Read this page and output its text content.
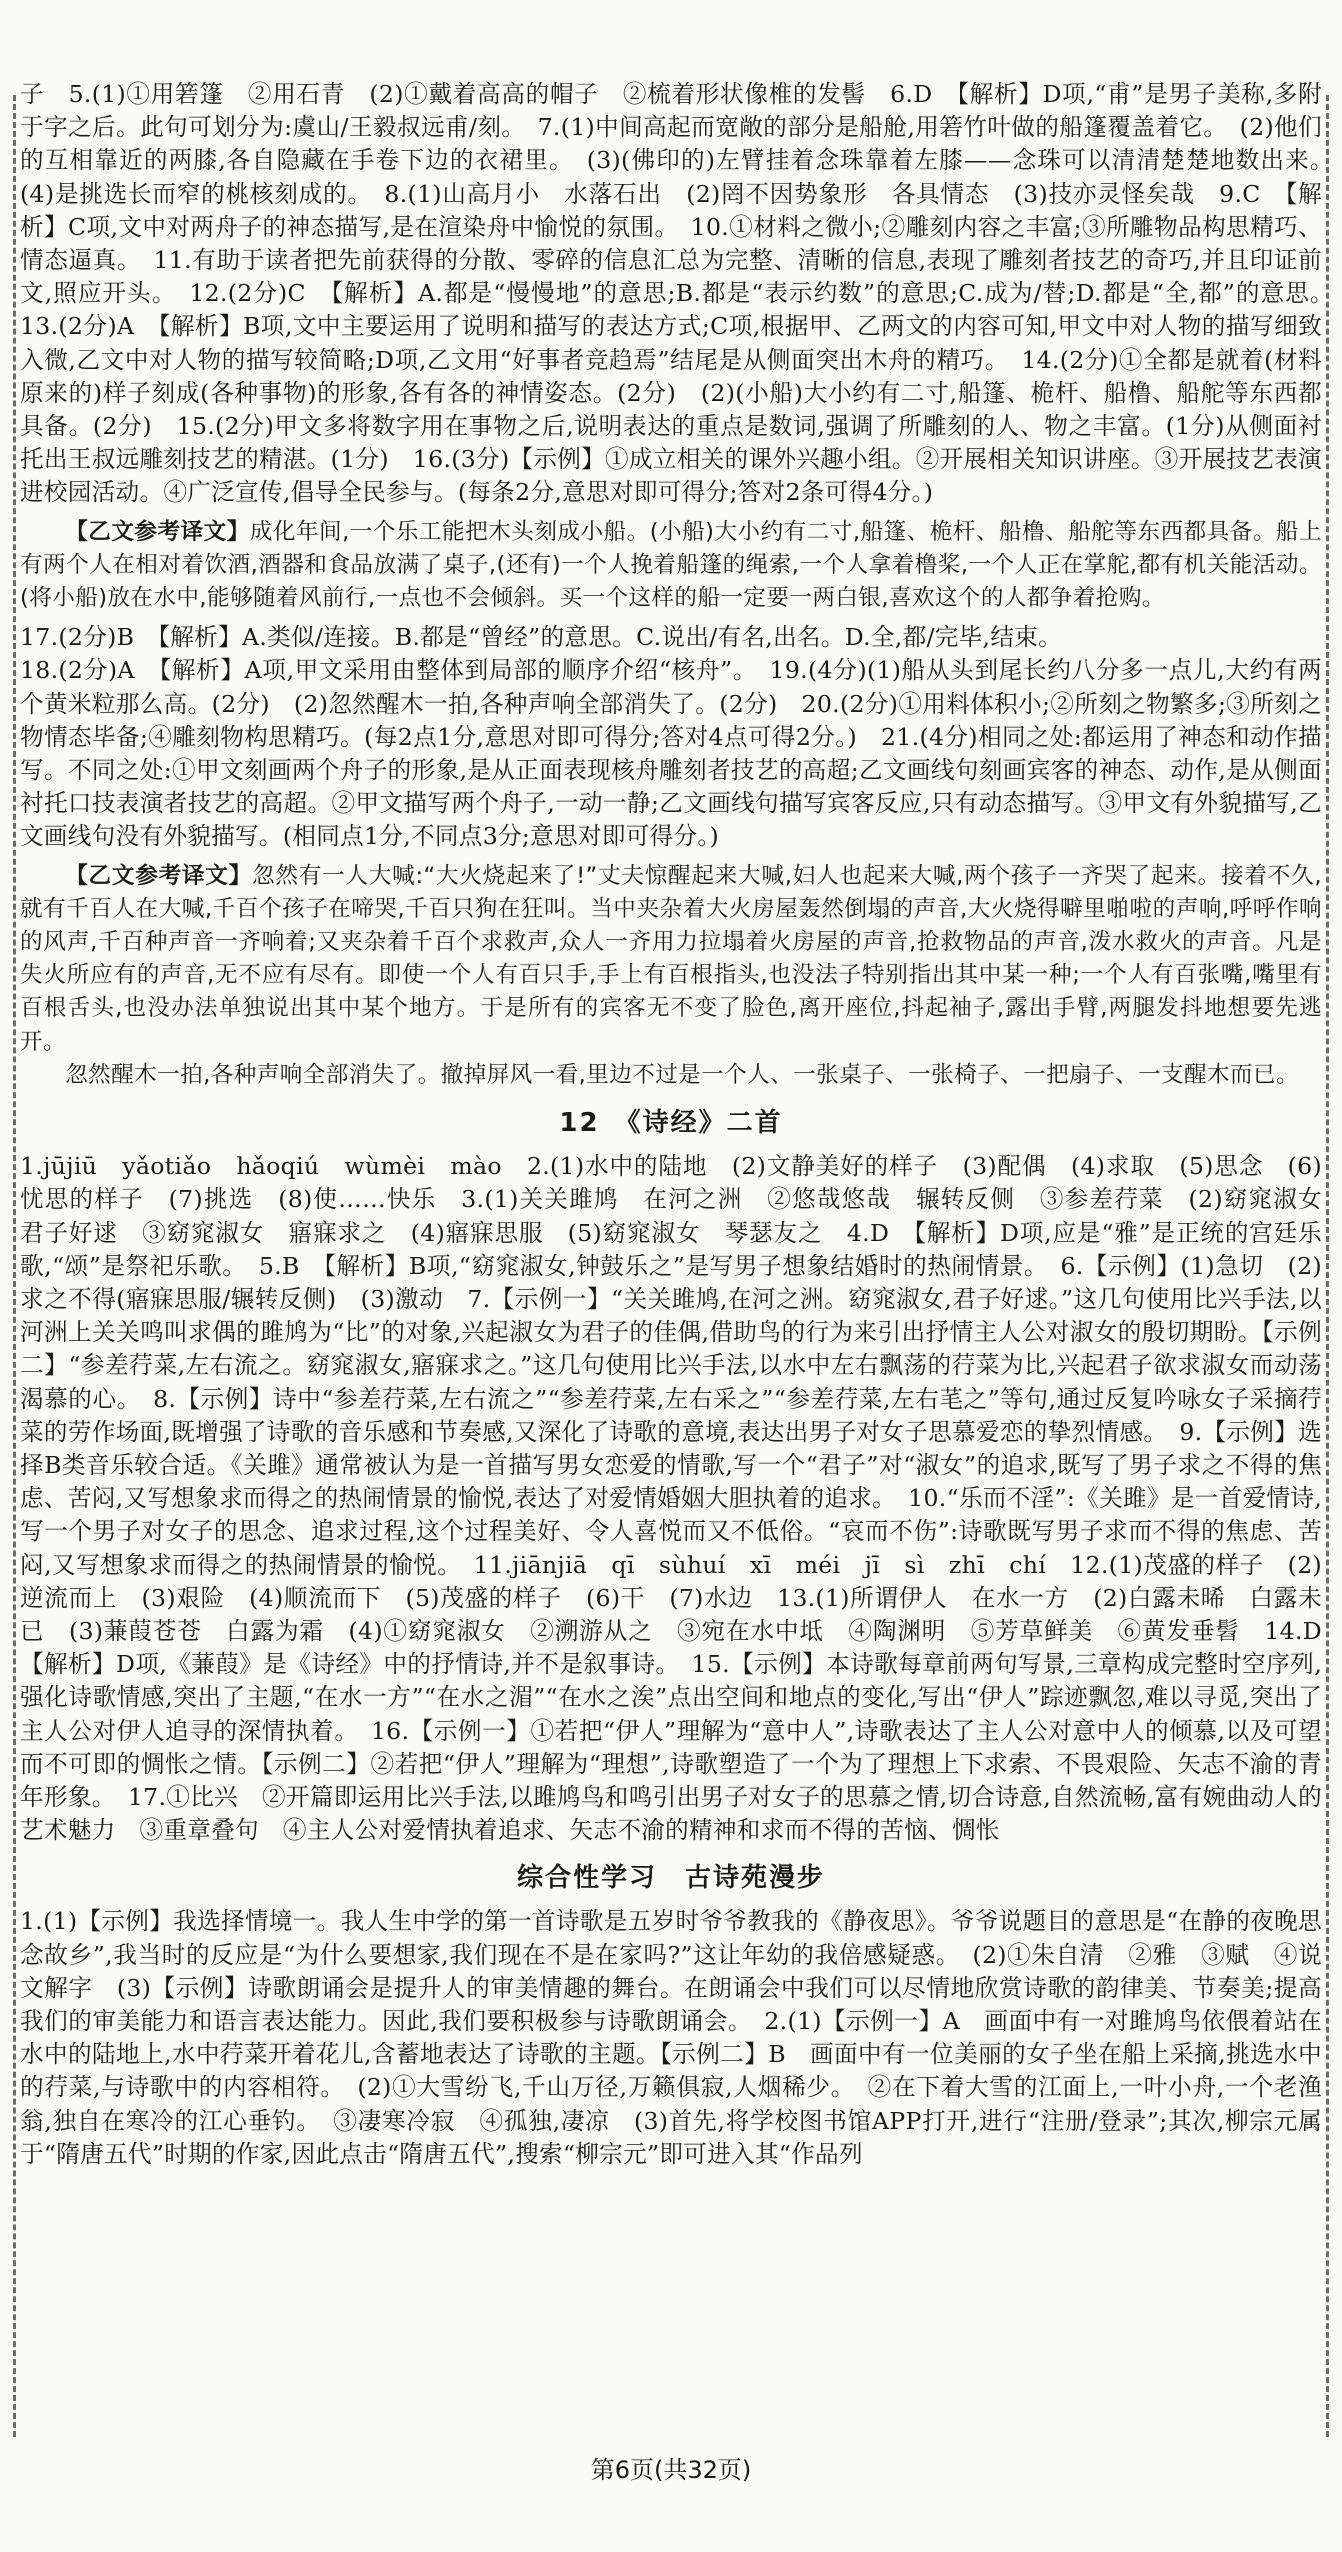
子　5.(1)①用箬篷　②用石青　(2)①戴着高高的帽子　②梳着形状像椎的发髻　6.D　【解析】D项,“甫”是男子美称,多附于字之后。此句可划分为:虞山/王毅叔远甫/刻。　7.(1)中间高起而宽敞的部分是船舱,用箬竹叶做的船篷覆盖着它。　(2)他们的互相靠近的两膝,各自隐藏在手卷下边的衣裙里。　(3)(佛印的)左臂挂着念珠靠着左膝——念珠可以清清楚楚地数出来。　(4)是挑选长而窄的桃核刻成的。　8.(1)山高月小　水落石出　(2)罔不因势象形　各具情态　(3)技亦灵怪矣哉　9.C　【解析】C项,文中对两舟子的神态描写,是在渲染舟中愉悦的氛围。　10.①材料之微小;②雕刻内容之丰富;③所雕物品构思精巧、情态逼真。　11.有助于读者把先前获得的分散、零碎的信息汇总为完整、清晰的信息,表现了雕刻者技艺的奇巧,并且印证前文,照应开头。　12.(2分)C　【解析】A.都是“慢慢地”的意思;B.都是“表示约数”的意思;C.成为/替;D.都是“全,都”的意思。　13.(2分)A　【解析】B项,文中主要运用了说明和描写的表达方式;C项,根据甲、乙两文的内容可知,甲文中对人物的描写细致入微,乙文中对人物的描写较简略;D项,乙文用“好事者竞趋焉”结尾是从侧面突出木舟的精巧。　14.(2分)①全都是就着(材料原来的)样子刻成(各种事物)的形象,各有各的神情姿态。(2分)　(2)(小船)大小约有二寸,船篷、桅杆、船橹、船舵等东西都具备。(2分)　15.(2分)甲文多将数字用在事物之后,说明表达的重点是数词,强调了所雕刻的人、物之丰富。(1分)从侧面衬托出王叔远雕刻技艺的精湛。(1分)　16.(3分)【示例】①成立相关的课外兴趣小组。②开展相关知识讲座。③开展技艺表演进校园活动。④广泛宣传,倡导全民参与。(每条2分,意思对即可得分;答对2条可得4分。)

【乙文参考译文】成化年间,一个乐工能把木头刻成小船。(小船)大小约有二寸,船篷、桅杆、船橹、船舵等东西都具备。船上有两个人在相对着饮酒,酒器和食品放满了桌子,(还有)一个人挽着船篷的绳索,一个人拿着橹桨,一个人正在掌舵,都有机关能活动。(将小船)放在水中,能够随着风前行,一点也不会倾斜。买一个这样的船一定要一两白银,喜欢这个的人都争着抢购。

17.(2分)B　【解析】A.类似/连接。B.都是“曾经”的意思。C.说出/有名,出名。D.全,都/完毕,结束。

18.(2分)A　【解析】A项,甲文采用由整体到局部的顺序介绍“核舟”。　19.(4分)(1)船从头到尾长约八分多一点儿,大约有两个黄米粒那么高。(2分)　(2)忽然醒木一拍,各种声响全部消失了。(2分)　20.(2分)①用料体积小;②所刻之物繁多;③所刻之物情态毕备;④雕刻物构思精巧。(每2点1分,意思对即可得分;答对4点可得2分。)　21.(4分)相同之处:都运用了神态和动作描写。不同之处:①甲文刻画两个舟子的形象,是从正面表现核舟雕刻者技艺的高超;乙文画线句刻画宾客的神态、动作,是从侧面衬托口技表演者技艺的高超。②甲文描写两个舟子,一动一静;乙文画线句描写宾客反应,只有动态描写。③甲文有外貌描写,乙文画线句没有外貌描写。(相同点1分,不同点3分;意思对即可得分。)

【乙文参考译文】忽然有一人大喊:“大火烧起来了!”丈夫惊醒起来大喊,妇人也起来大喊,两个孩子一齐哭了起来。接着不久,就有千百人在大喊,千百个孩子在啼哭,千百只狗在狂叫。当中夹杂着大火房屋轰然倒塌的声音,大火烧得噼里啪啦的声响,呼呼作响的风声,千百种声音一齐响着;又夹杂着千百个求救声,众人一齐用力拉塌着火房屋的声音,抢救物品的声音,泼水救火的声音。凡是失火所应有的声音,无不应有尽有。即使一个人有百只手,手上有百根指头,也没法子特别指出其中某一种;一个人有百张嘴,嘴里有百根舌头,也没办法单独说出其中某个地方。于是所有的宾客无不变了脸色,离开座位,抖起袖子,露出手臂,两腿发抖地想要先逃开。

忽然醒木一拍,各种声响全部消失了。撤掉屏风一看,里边不过是一个人、一张桌子、一张椅子、一把扇子、一支醒木而已。

12　《诗经》二首

1.jūjiū　yǎotiǎo　hǎoqiú　wùmèi　mào　2.(1)水中的陆地　(2)文静美好的样子　(3)配偶　(4)求取　(5)思念　(6)忧思的样子　(7)挑选　(8)使……快乐　3.(1)关关雎鸠　在河之洲　②悠哉悠哉　辗转反侧　③参差荇菜　(2)窈窕淑女　君子好逑　③窈窕淑女　寤寐求之　(4)寤寐思服　(5)窈窕淑女　琴瑟友之　4.D　【解析】D项,应是“雅”是正统的宫廷乐歌,“颂”是祭祀乐歌。　5.B　【解析】B项,“窈窕淑女,钟鼓乐之”是写男子想象结婚时的热闹情景。　6.【示例】(1)急切　(2)求之不得(寤寐思服/辗转反侧)　(3)激动　7.【示例一】“关关雎鸠,在河之洲。窈窕淑女,君子好逑。”这几句使用比兴手法,以河洲上关关鸣叫求偶的雎鸠为“比”的对象,兴起淑女为君子的佳偶,借助鸟的行为来引出抒情主人公对淑女的殷切期盼。【示例二】“参差荇菜,左右流之。窈窕淑女,寤寐求之。”这几句使用比兴手法,以水中左右飘荡的荇菜为比,兴起君子欲求淑女而动荡渴慕的心。　8.【示例】诗中“参差荇菜,左右流之”“参差荇菜,左右采之”“参差荇菜,左右芼之”等句,通过反复吟咏女子采摘荇菜的劳作场面,既增强了诗歌的音乐感和节奏感,又深化了诗歌的意境,表达出男子对女子思慕爱恋的挚烈情感。　9.【示例】选择B类音乐较合适。《关雎》通常被认为是一首描写男女恋爱的情歌,写一个“君子”对“淑女”的追求,既写了男子求之不得的焦虑、苦闷,又写想象求而得之的热闹情景的愉悦,表达了对爱情婚姻大胆执着的追求。　10.“乐而不淫”:《关雎》是一首爱情诗,写一个男子对女子的思念、追求过程,这个过程美好、令人喜悦而又不低俗。“哀而不伤”:诗歌既写男子求而不得的焦虑、苦闷,又写想象求而得之的热闹情景的愉悦。　11.jiānjiā　qī　sùhuí　xī　méi　jī　sì　zhī　chí　12.(1)茂盛的样子　(2)逆流而上　(3)艰险　(4)顺流而下　(5)茂盛的样子　(6)干　(7)水边　13.(1)所谓伊人　在水一方　(2)白露未晞　白露未已　(3)蒹葭苍苍　白露为霜　(4)①窈窕淑女　②溯游从之　③宛在水中坻　④陶渊明　⑤芳草鲜美　⑥黄发垂髫　14.D　【解析】D项,《蒹葭》是《诗经》中的抒情诗,并不是叙事诗。　15.【示例】本诗歌每章前两句写景,三章构成完整时空序列,强化诗歌情感,突出了主题,“在水一方”“在水之湄”“在水之涘”点出空间和地点的变化,写出“伊人”踪迹飘忽,难以寻觅,突出了主人公对伊人追寻的深情执着。　16.【示例一】①若把“伊人”理解为“意中人”,诗歌表达了主人公对意中人的倾慕,以及可望而不可即的惆怅之情。【示例二】②若把“伊人”理解为“理想”,诗歌塑造了一个为了理想上下求索、不畏艰险、矢志不渝的青年形象。　17.①比兴　②开篇即运用比兴手法,以雎鸠鸟和鸣引出男子对女子的思慕之情,切合诗意,自然流畅,富有婉曲动人的艺术魅力　③重章叠句　④主人公对爱情执着追求、矢志不渝的精神和求而不得的苦恼、惆怅

综合性学习　古诗苑漫步

1.(1)【示例】我选择情境一。我人生中学的第一首诗歌是五岁时爷爷教我的《静夜思》。爷爷说题目的意思是“在静的夜晚思念故乡”,我当时的反应是“为什么要想家,我们现在不是在家吗?”这让年幼的我倍感疑惑。　(2)①朱自清　②雅　③赋　④说文解字　(3)【示例】诗歌朗诵会是提升人的审美情趣的舞台。在朗诵会中我们可以尽情地欣赏诗歌的韵律美、节奏美;提高我们的审美能力和语言表达能力。因此,我们要积极参与诗歌朗诵会。　2.(1)【示例一】A　画面中有一对雎鸠鸟依偎着站在水中的陆地上,水中荇菜开着花儿,含蓄地表达了诗歌的主题。【示例二】B　画面中有一位美丽的女子坐在船上采摘,挑选水中的荇菜,与诗歌中的内容相符。　(2)①大雪纷飞,千山万径,万籁俱寂,人烟稀少。　②在下着大雪的江面上,一叶小舟,一个老渔翁,独自在寒冷的江心垂钓。　③凄寒冷寂　④孤独,凄凉　(3)首先,将学校图书馆APP打开,进行“注册/登录”;其次,柳宗元属于“隋唐五代”时期的作家,因此点击“隋唐五代”,搜索“柳宗元”即可进入其“作品列

第6页(共32页)
